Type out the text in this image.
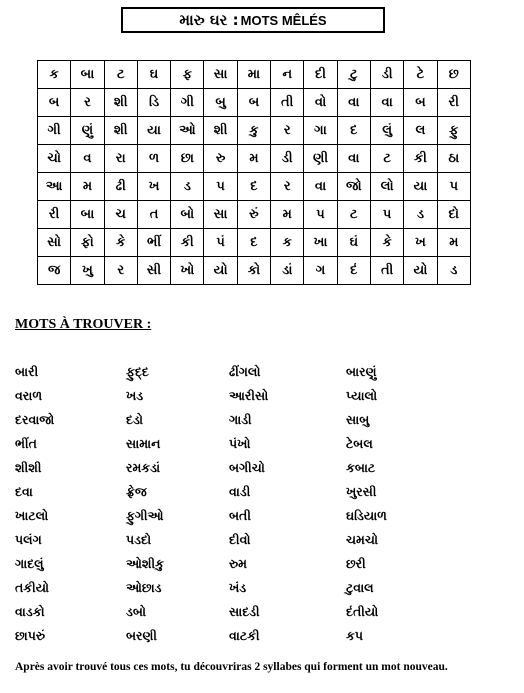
મારુ ઘર : MOTS MÊLÉS
ક	બા	ટ	ઘ	ફ	સા	મા	ન	દી	ટુ	ડી	ટે	છ
બ	ર	શી	ડિ	ગી	બુ	બ	તી	વો	વા	વા	બ	રી
ગી	ણું	શી	યા	ઓ	શી	કુ	ર	ગા	દ	લું	લ	ફુ
ચો	વ	રા	ળ	છા	રુ	મ	ડી	ણી	વા	ટ	કી	ઠા
આ	મ	ઢી	ખ	ડ	પ	દ	ર	વા	જો	લો	યા	પ
રી	બા	ચ	ત	બો	સા	રું	મ	પ	ટ	પ	ડ	દો
સો	ફો	કે	ભીં	કી	પં	દ	ક	ખા	ઘં	કે	ખ	મ
જ	ખુ	ર	સી	ખો	યો	કો	ડાં	ગ	દં	તી	યો	ડ
MOTS À TROUVER :
બારી	ફુદ્દ	ઢીંગલો	બારણું
વરાળ	ખડ	આરીસો	પ્યાલો
દરવાજો	દડો	ગાડી	સાબુ
ભીંત	સામાન	પંખો	ટેબલ
શીશી	રમકડાં	બગીચો	કબાટ
દવા	ફ્રેજ	વાડી	ખુરસી
ખાટલો	ફુગીઓ	બતી	ઘડિયાળ
પલંગ	પડદો	દીવો	ચમચો
ગાદલું	ઓશીકુ	રુમ	છરી
તકીયો	ઓછાડ	ખંડ	ટુવાલ
વાડકો	ડબો	સાદડી	દંતીયો
છાપરું	બરણી	વાટકી	કપ
Après avoir trouvé tous ces mots, tu découvriras 2 syllabes qui forment un mot nouveau.
